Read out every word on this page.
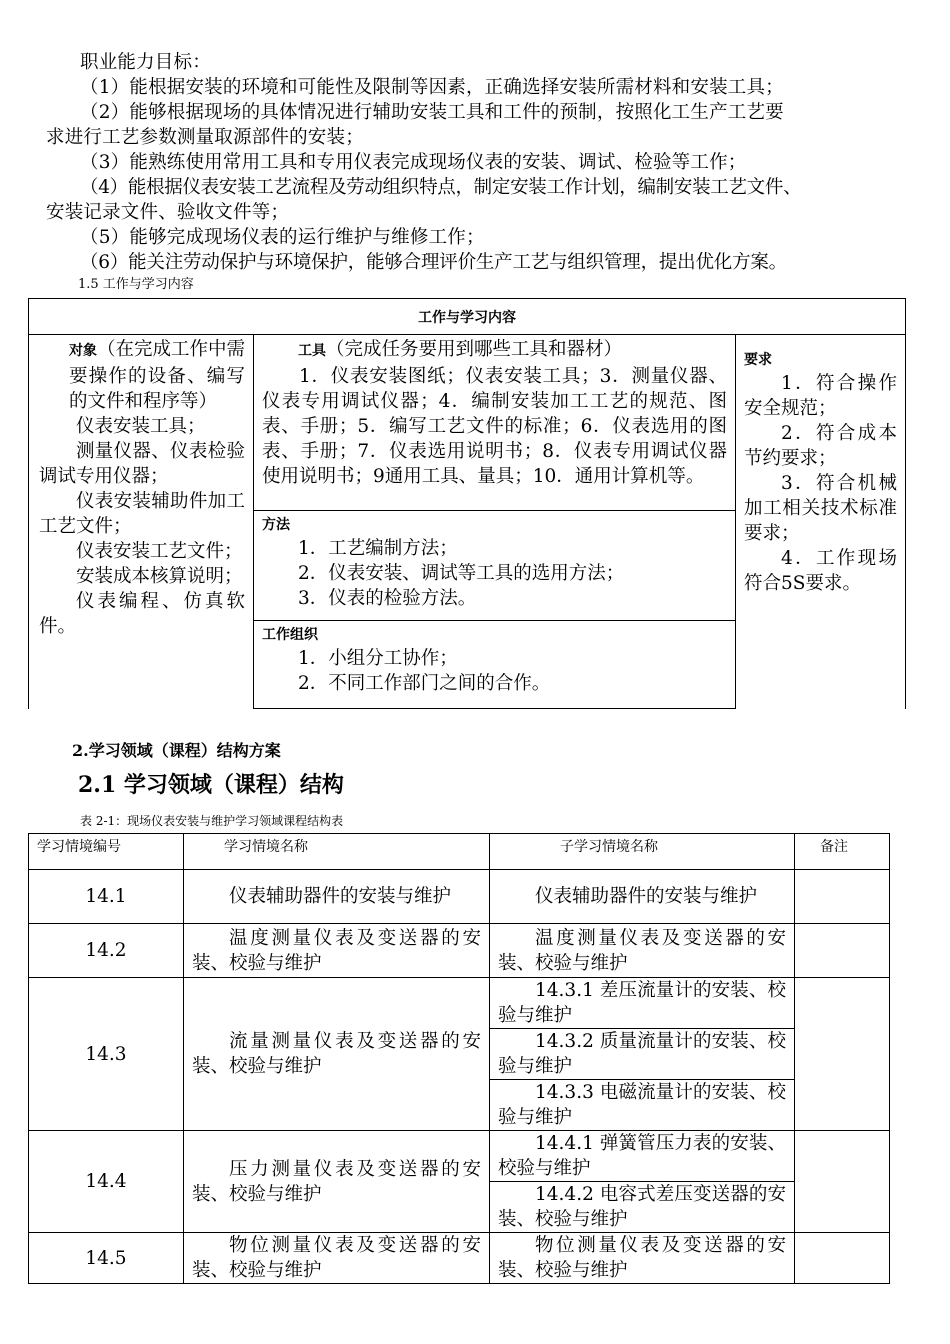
职业能力目标：
（1）能根据安装的环境和可能性及限制等因素，正确选择安装所需材料和安装工具；
（2）能够根据现场的具体情况进行辅助安装工具和工件的预制，按照化工生产工艺要
求进行工艺参数测量取源部件的安装；
（3）能熟练使用常用工具和专用仪表完成现场仪表的安装、调试、检验等工作；
（4）能根据仪表安装工艺流程及劳动组织特点，制定安装工作计划，编制安装工艺文件、
安装记录文件、验收文件等；
（5）能够完成现场仪表的运行维护与维修工作；
（6）能关注劳动保护与环境保护，能够合理评价生产工艺与组织管理，提出优化方案。
1.5 工作与学习内容
工作与学习内容

对象（在完成工作中需要操作的设备、编写的文件和程序等）
仪表安装工具；
测量仪器、仪表检验调试专用仪器；
仪表安装辅助件加工工艺文件；
仪表安装工艺文件；
安装成本核算说明；
仪表编程、仿真软件。

工具（完成任务要用到哪些工具和器材）
1．仪表安装图纸；仪表安装工具；3．测量仪器、仪表专用调试仪器；4．编制安装加工工艺的规范、图表、手册；5．编写工艺文件的标准；6．仪表选用的图表、手册；7．仪表选用说明书；8．仪表专用调试仪器使用说明书；9通用工具、量具；10．通用计算机等。

要求
1．符合操作安全规范；
2．符合成本节约要求；
3．符合机械加工相关技术标准要求；
4．工作现场符合5S要求。

方法
1．工艺编制方法；
2．仪表安装、调试等工具的选用方法；
3．仪表的检验方法。

工作组织
1．小组分工协作；
2．不同工作部门之间的合作。
2.学习领域（课程）结构方案
2.1 学习领域（课程）结构
表 2-1：现场仪表安装与维护学习领域课程结构表
学习情境编号	学习情境名称	子学习情境名称	备注
14.1	仪表辅助器件的安装与维护	仪表辅助器件的安装与维护	
14.2	温度测量仪表及变送器的安装、校验与维护	温度测量仪表及变送器的安装、校验与维护	
14.3	流量测量仪表及变送器的安装、校验与维护	14.3.1 差压流量计的安装、校验与维护	
		14.3.2 质量流量计的安装、校验与维护	
		14.3.3 电磁流量计的安装、校验与维护	
14.4	压力测量仪表及变送器的安装、校验与维护	14.4.1 弹簧管压力表的安装、校验与维护	
		14.4.2 电容式差压变送器的安装、校验与维护	
14.5	物位测量仪表及变送器的安装、校验与维护	物位测量仪表及变送器的安装、校验与维护	
